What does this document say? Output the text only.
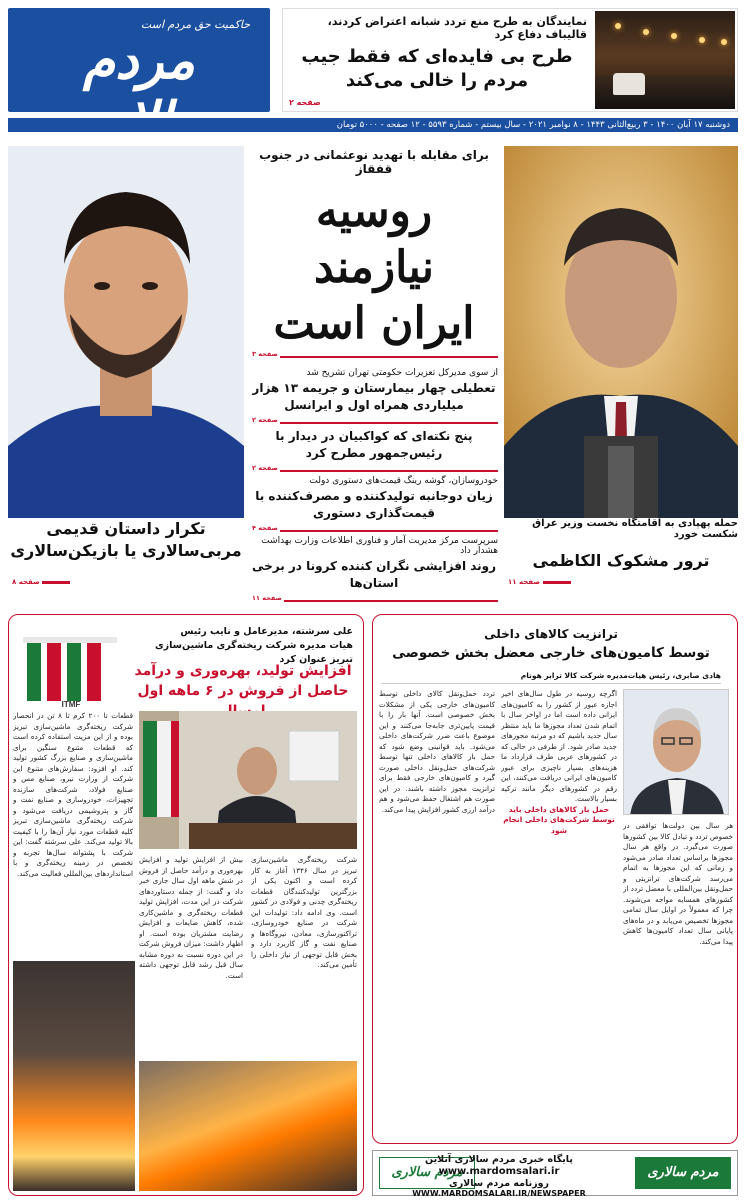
حاکمیت حق مردم است
مردم
نمایندگان به طرح منع تردد شبانه اعتراض کردند، قالیباف دفاع کرد
طرح بی فایده‌ای که فقط جیب مردم را خالی می‌کند
صفحه ۲
دوشنبه ۱۷ آبان ۱۴۰۰ - ۳ ربیع‌الثانی ۱۴۴۳ - ۸ نوامبر ۲۰۲۱ - سال بیستم - شماره ۵۵۹۳ - ۱۲ صفحه - ۵۰۰۰ تومان
تکرار داستان قدیمی مربی‌سالاری یا بازیکن‌سالاری
صفحه ۸
حمله پهپادی به اقامتگاه نخست وزیر عراق شکست خورد
ترور مشکوک الکاظمی
صفحه ۱۱
برای مقابله با تهدید نوعثمانی در جنوب قفقاز
روسیه
نیازمند
ایران است
صفحه ۳
از سوی مدیرکل تعزیرات حکومتی تهران تشریح شد
تعطیلی چهار بیمارستان و جریمه ۱۳ هزار میلیاردی همراه اول و ایرانسل
صفحه ۲
پنج نکته‌ای که کواکبیان در دیدار با رئیس‌جمهور مطرح کرد
صفحه ۲
خودروسازان، گوشه رینگ قیمت‌های دستوری دولت
زیان دوجانبه تولیدکننده و مصرف‌کننده با قیمت‌گذاری دستوری
صفحه ۴
سرپرست مرکز مدیریت آمار و فناوری اطلاعات وزارت بهداشت هشدار داد
روند افزایشی نگران کننده کرونا در برخی استان‌ها
صفحه ۱۱
ITMF
علی سرشته، مدیرعامل و نایب رئیس
هیات مدیره شرکت ریخته‌گری ماشین‌سازی تبریز عنوان کرد
افزایش تولید، بهره‌وری و درآمد حاصل از فروش در ۶ ماهه اول
قطعات تا ۲۰۰ کرم تا ۸ تن در انحصار شرکت ریخته‌گری ماشین‌سازی تبریز بوده و از این مزیت استفاده کرده است که قطعات متنوع سنگین برای ماشین‌سازی و صنایع بزرگ کشور تولید کند. او افزود: سفارش‌های متنوع این شرکت از وزارت نیرو، صنایع مس و صنایع فولاد، شرکت‌های سازنده تجهیزات، خودروسازی و صنایع نفت و گاز و پتروشیمی دریافت می‌شود و شرکت ریخته‌گری ماشین‌سازی تبریز کلیه قطعات مورد نیاز آن‌ها را با کیفیت بالا تولید می‌کند. علی سرشته گفت: این شرکت با پشتوانه سال‌ها تجربه و تخصص در زمینه ریخته‌گری و با استانداردهای بین‌المللی فعالیت می‌کند.
بیش از افزایش تولید و افزایش بهره‌وری و درآمد حاصل از فروش در شش ماهه اول سال جاری خبر داد و گفت: از جمله دستاوردهای شرکت در این مدت، افزایش تولید قطعات ریخته‌گری و ماشین‌کاری شده، کاهش ضایعات و افزایش رضایت مشتریان بوده است. او اظهار داشت: میزان فروش شرکت در این دوره نسبت به دوره مشابه سال قبل رشد قابل توجهی داشته است.
شرکت ریخته‌گری ماشین‌سازی تبریز در سال ۱۳۴۶ آغاز به کار کرده است و اکنون یکی از بزرگترین تولیدکنندگان قطعات ریخته‌گری چدنی و فولادی در کشور است. وی ادامه داد: تولیدات این شرکت در صنایع خودروسازی، تراکتورسازی، معادن، نیروگاه‌ها و صنایع نفت و گاز کاربرد دارد و بخش قابل توجهی از نیاز داخلی را تأمین می‌کند.
ترانزیت کالاهای داخلی
توسط کامیون‌های خارجی معضل بخش خصوصی
هادی صابری، رئیس هیات‌مدیره شرکت کالا ترابر هوتام
تردد حمل‌ونقل کالای داخلی توسط کامیون‌های خارجی یکی از مشکلات بخش خصوصی است. آنها بار را با قیمت پایین‌تری جابه‌جا می‌کنند و این موضوع باعث ضرر شرکت‌های داخلی می‌شود. باید قوانینی وضع شود که حمل بار کالاهای داخلی تنها توسط شرکت‌های حمل‌ونقل داخلی صورت گیرد و کامیون‌های خارجی فقط برای ترانزیت مجوز داشته باشند. در این صورت هم اشتغال حفظ می‌شود و هم درآمد ارزی کشور افزایش پیدا می‌کند.
اگرچه روسیه در طول سال‌های اخیر اجازه عبور از کشور را به کامیون‌های ایرانی داده است اما در اواخر سال با اتمام شدن تعداد مجوزها ما باید منتظر سال جدید باشیم که دو مرتبه مجوزهای جدید صادر شود. از طرفی در حالی که در کشورهای عربی طرف قرارداد ما هزینه‌های بسیار ناچیزی برای عبور کامیون‌های ایرانی دریافت می‌کنند، این رقم در کشورهای دیگر مانند ترکیه بسیار بالاست.
حمل بار کالاهای داخلی باید توسط شرکت‌های داخلی انجام شود	هر سال بین دولت‌ها توافقی در خصوص تردد و تبادل کالا بین کشورها صورت می‌گیرد. در واقع هر سال مجوزها براساس تعداد صادر می‌شود و زمانی که این مجوزها به اتمام می‌رسد شرکت‌های ترانزیتی و حمل‌ونقل بین‌المللی با معضل تردد از کشورهای همسایه مواجه می‌شوند. چرا که معمولاً در اوایل سال تمامی مجوزها تخصیص می‌یابد و در ماه‌های پایانی سال تعداد کامیون‌ها کاهش پیدا می‌کند.
مردم سالاری
پایگاه خبری مردم سالاری آنلاین
www.mardomsalari.ir
روزنامه مردم سالاری
WWW.MARDOMSALARI.IR/NEWSPAPER
مردم سالاری
